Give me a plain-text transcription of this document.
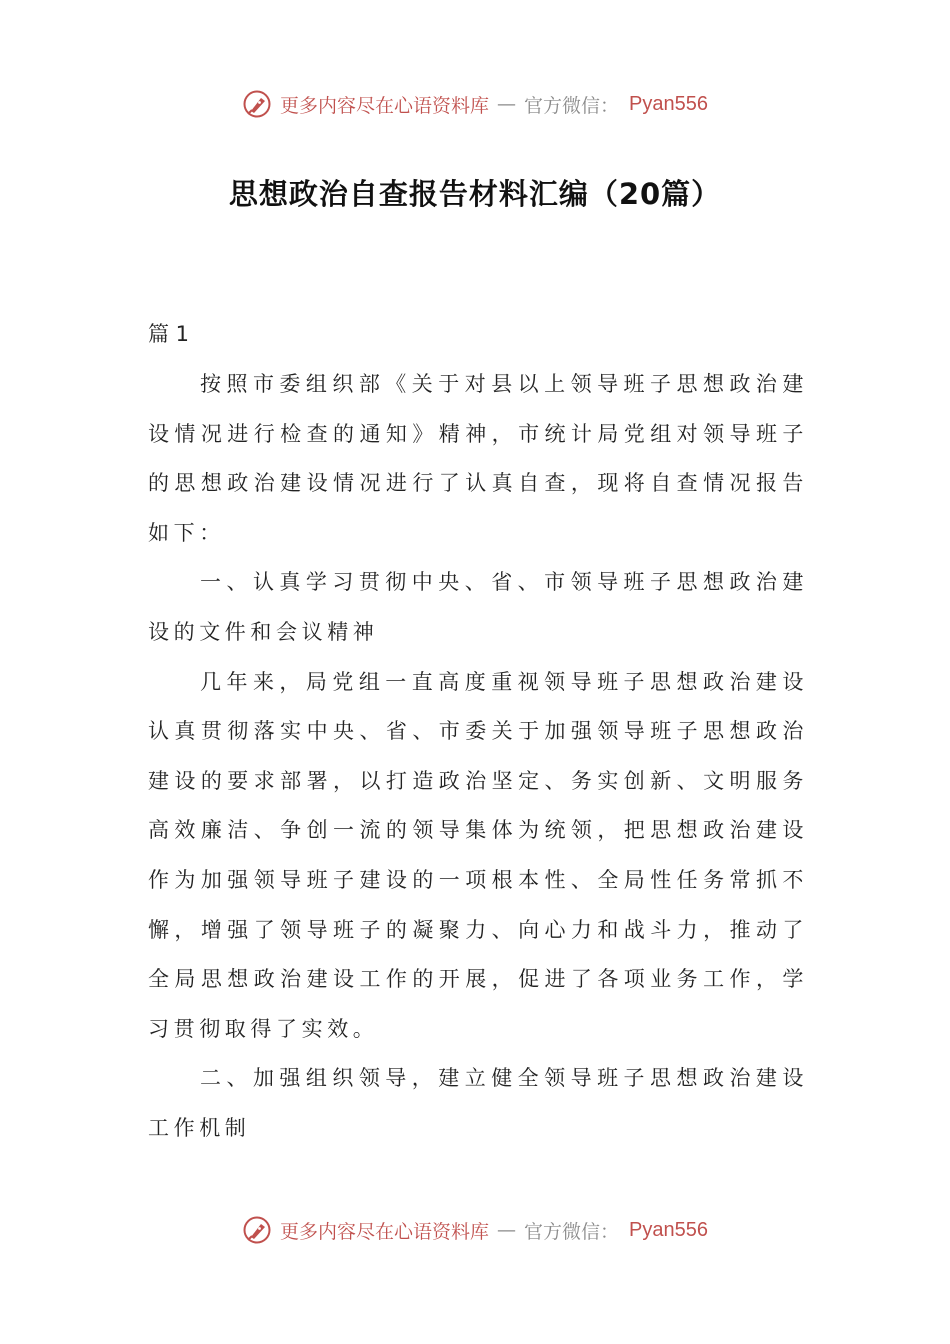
更多内容尽在心语资料库 — 官方微信： Pyan556
思想政治自查报告材料汇编（20篇）

篇 1

按照市委组织部《关于对县以上领导班子思想政治建设情况进行检查的通知》精神，市统计局党组对领导班子的思想政治建设情况进行了认真自查，现将自查情况报告如下：

一、认真学习贯彻中央、省、市领导班子思想政治建设的文件和会议精神

几年来，局党组一直高度重视领导班子思想政治建设认真贯彻落实中央、省、市委关于加强领导班子思想政治建设的要求部署，以打造政治坚定、务实创新、文明服务高效廉洁、争创一流的领导集体为统领，把思想政治建设作为加强领导班子建设的一项根本性、全局性任务常抓不懈，增强了领导班子的凝聚力、向心力和战斗力，推动了全局思想政治建设工作的开展，促进了各项业务工作，学习贯彻取得了实效。

二、加强组织领导，建立健全领导班子思想政治建设工作机制

更多内容尽在心语资料库 — 官方微信： Pyan556
